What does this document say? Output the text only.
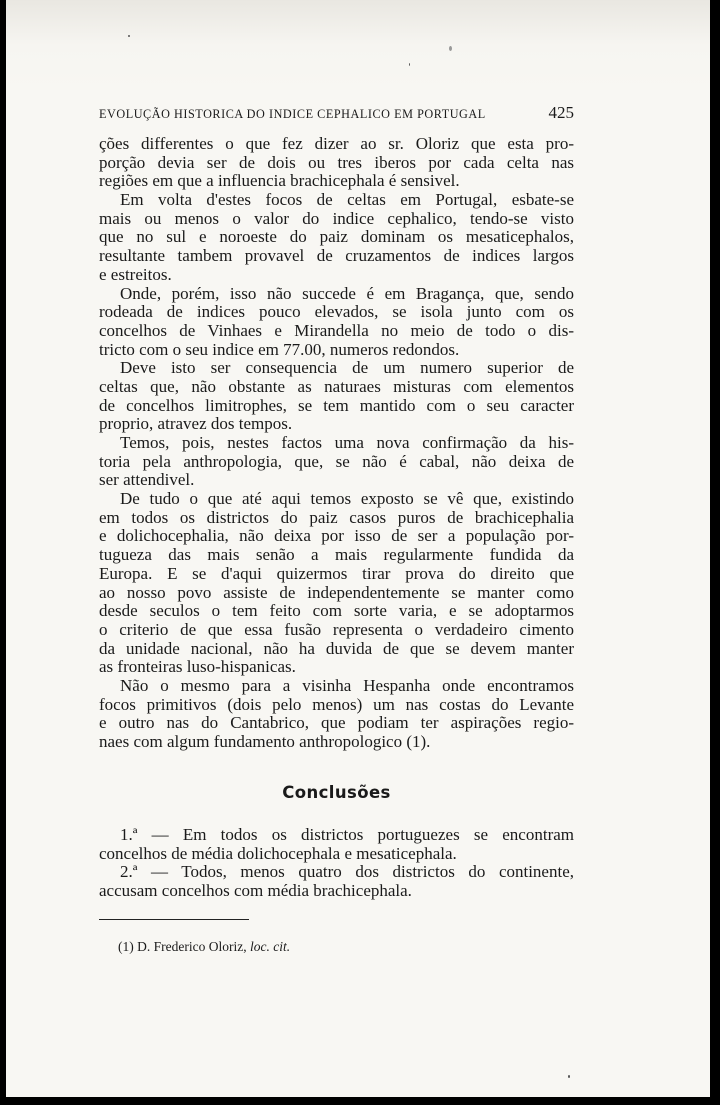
EVOLUÇÃO HISTORICA DO INDICE CEPHALICO EM PORTUGAL	425
ções differentes o que fez dizer ao sr. Oloriz que esta pro-
porção devia ser de dois ou tres iberos por cada celta nas
regiões em que a influencia brachicephala é sensivel.
Em volta d'estes focos de celtas em Portugal, esbate-se
mais ou menos o valor do indice cephalico, tendo-se visto
que no sul e noroeste do paiz dominam os mesaticephalos,
resultante tambem provavel de cruzamentos de indices largos
e estreitos.
Onde, porém, isso não succede é em Bragança, que, sendo
rodeada de indices pouco elevados, se isola junto com os
concelhos de Vinhaes e Mirandella no meio de todo o dis-
tricto com o seu indice em 77.00, numeros redondos.
Deve isto ser consequencia de um numero superior de
celtas que, não obstante as naturaes misturas com elementos
de concelhos limitrophes, se tem mantido com o seu caracter
proprio, atravez dos tempos.
Temos, pois, nestes factos uma nova confirmação da his-
toria pela anthropologia, que, se não é cabal, não deixa de
ser attendivel.
De tudo o que até aqui temos exposto se vê que, existindo
em todos os districtos do paiz casos puros de brachicephalia
e dolichocephalia, não deixa por isso de ser a população por-
tugueza das mais senão a mais regularmente fundida da
Europa. E se d'aqui quizermos tirar prova do direito que
ao nosso povo assiste de independentemente se manter como
desde seculos o tem feito com sorte varia, e se adoptarmos
o criterio de que essa fusão representa o verdadeiro cimento
da unidade nacional, não ha duvida de que se devem manter
as fronteiras luso-hispanicas.
Não o mesmo para a visinha Hespanha onde encontramos
focos primitivos (dois pelo menos) um nas costas do Levante
e outro nas do Cantabrico, que podiam ter aspirações regio-
naes com algum fundamento anthropologico (1).
Conclusões
1.ª — Em todos os districtos portuguezes se encontram
concelhos de média dolichocephala e mesaticephala.
2.ª — Todos, menos quatro dos districtos do continente,
accusam concelhos com média brachicephala.
(1) D. Frederico Oloriz, loc. cit.
